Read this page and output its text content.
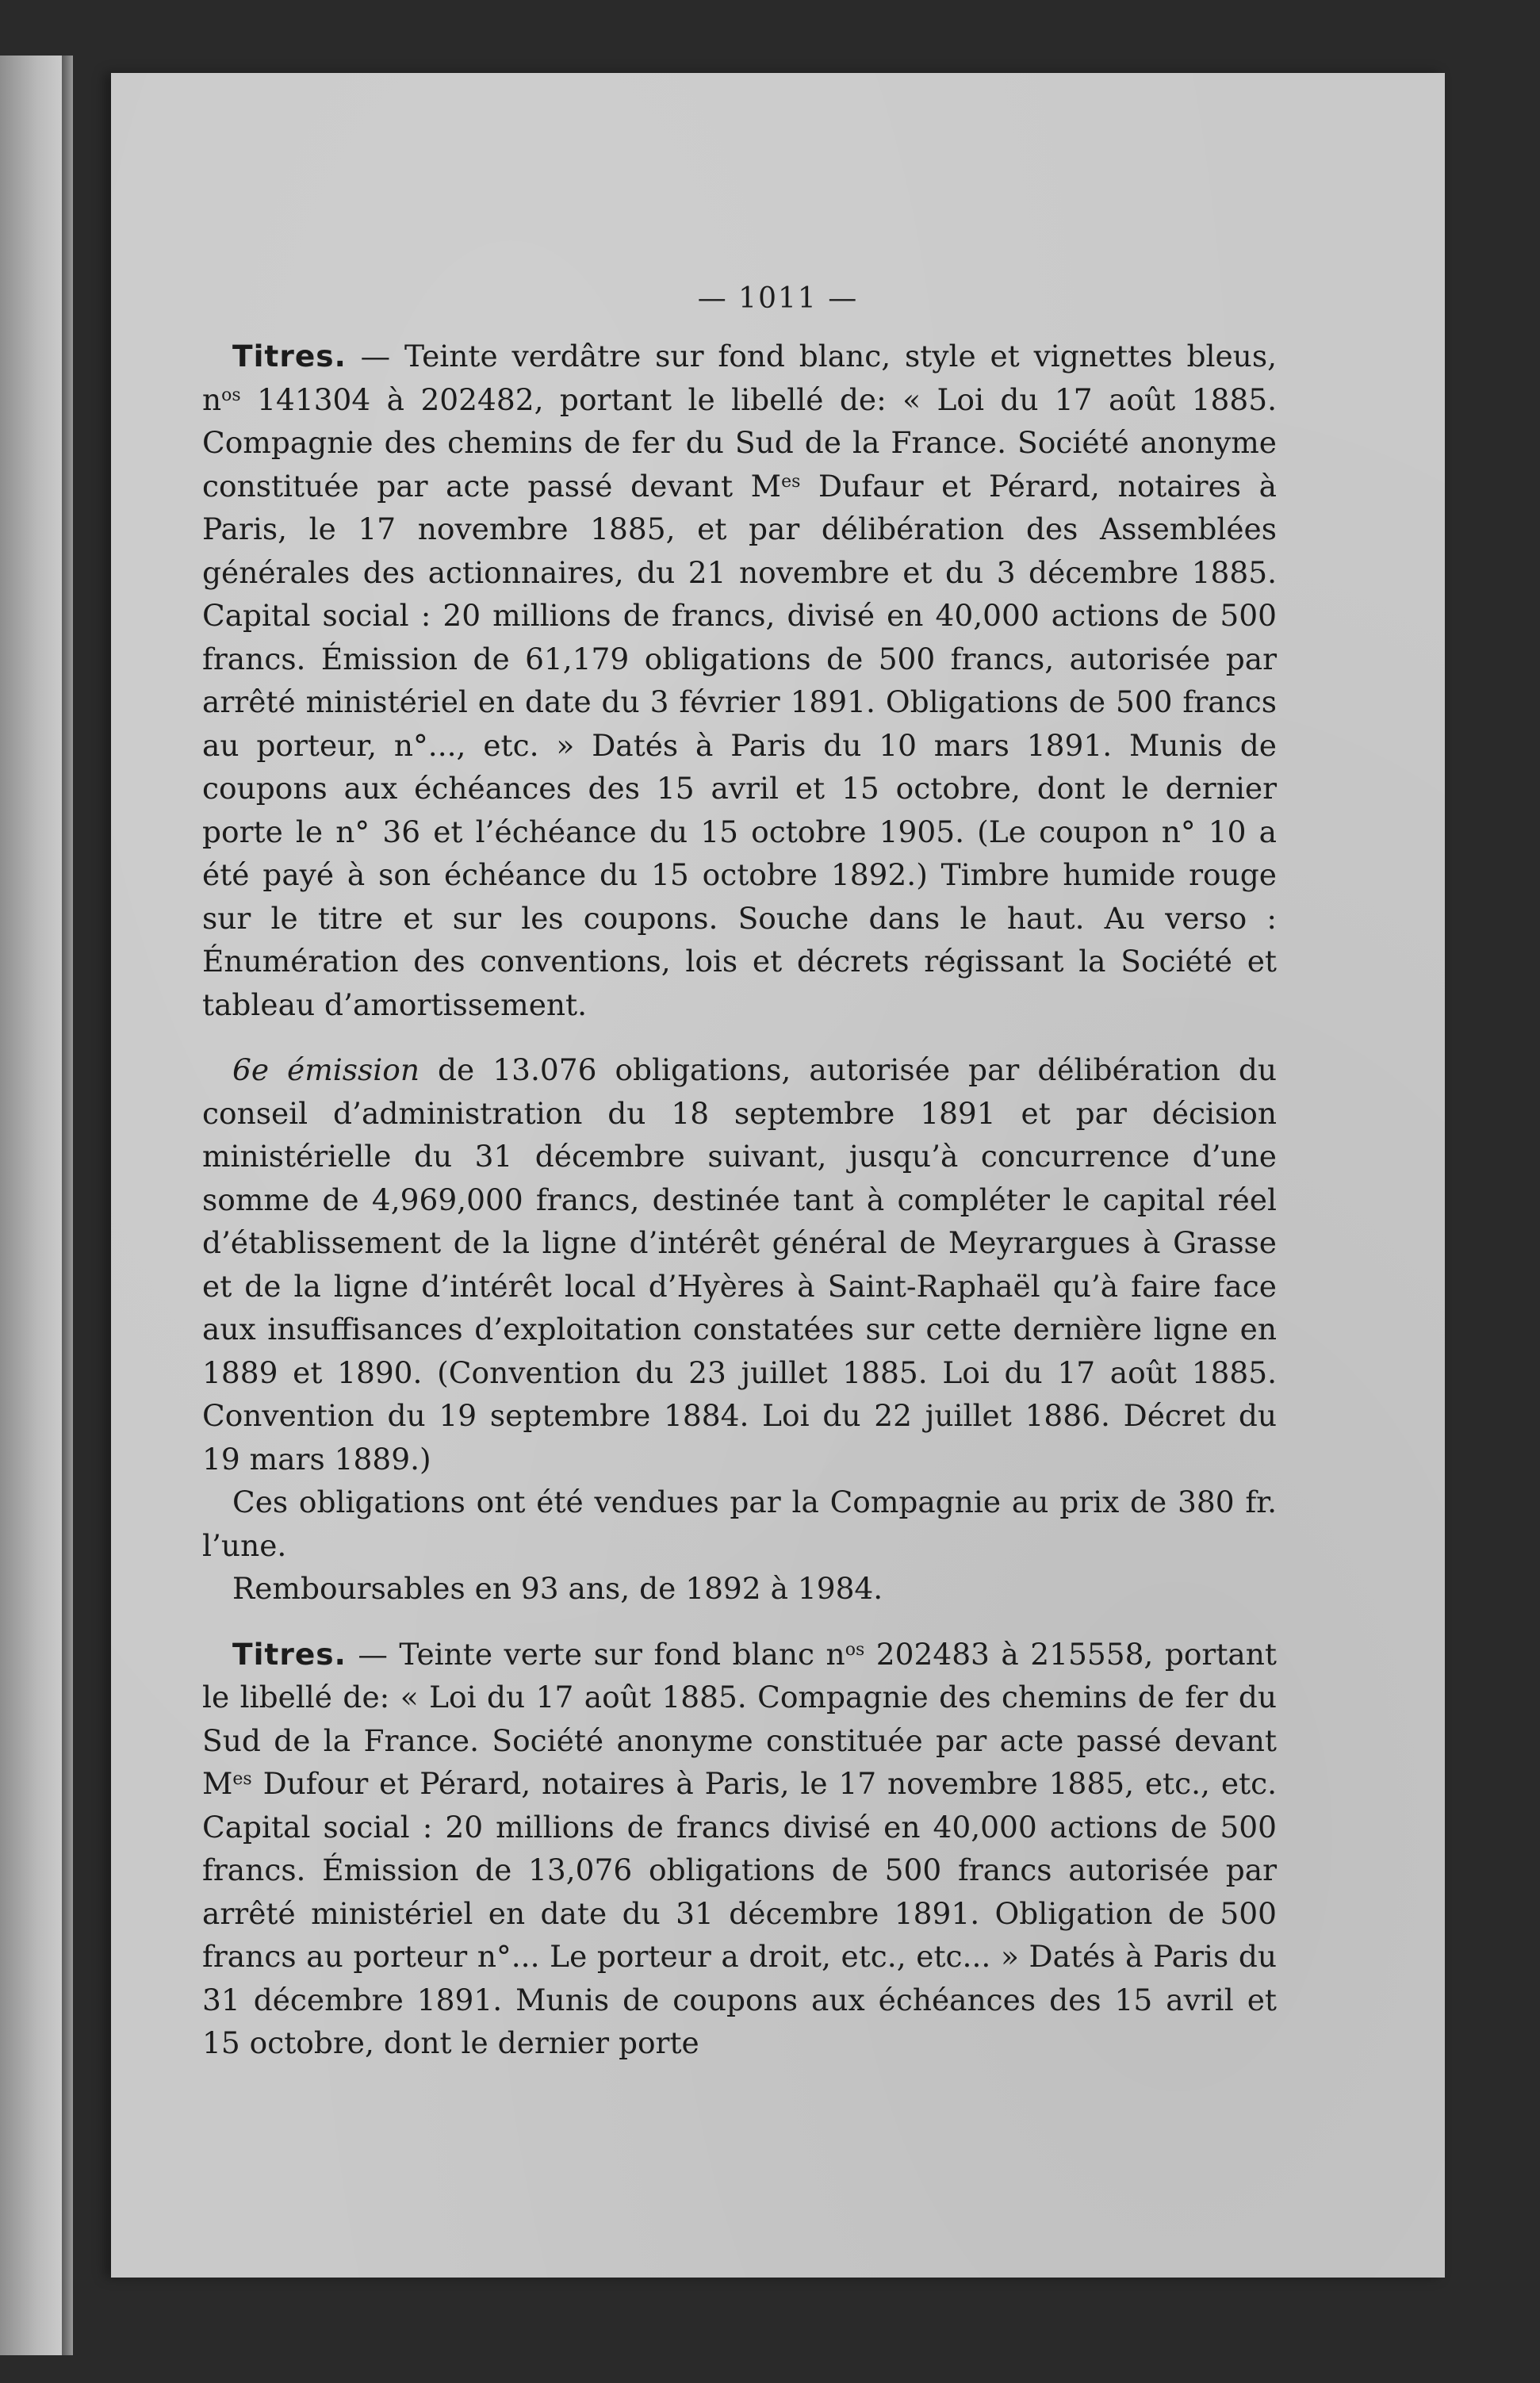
— 1011 —

Titres. — Teinte verdâtre sur fond blanc, style et vignettes bleus, $n^{os}$ 141304 à 202482, portant le libellé de: « Loi du 17 août 1885. Compagnie des chemins de fer du Sud de la France. Société anonyme constituée par acte passé devant $M^{es}$ Dufaur et Pérard, notaires à Paris, le 17 novembre 1885, et par délibération des Assemblées générales des actionnaires, du 21 novembre et du 3 décembre 1885. Capital social : 20 millions de francs, divisé en 40,000 actions de 500 francs. Émission de 61,179 obligations de 500 francs, autorisée par arrêté ministériel en date du 3 février 1891. Obligations de 500 francs au porteur, n°..., etc. » Datés à Paris du 10 mars 1891. Munis de coupons aux échéances des 15 avril et 15 octobre, dont le dernier porte le n° 36 et l’échéance du 15 octobre 1905. (Le coupon n° 10 a été payé à son échéance du 15 octobre 1892.) Timbre humide rouge sur le titre et sur les coupons. Souche dans le haut. Au verso : Énumération des conventions, lois et décrets régissant la Société et tableau d’amortissement.

6e émission de 13.076 obligations, autorisée par délibération du conseil d’administration du 18 septembre 1891 et par décision ministérielle du 31 décembre suivant, jusqu’à concurrence d’une somme de 4,969,000 francs, destinée tant à compléter le capital réel d’établissement de la ligne d’intérêt général de Meyrargues à Grasse et de la ligne d’intérêt local d’Hyères à Saint-Raphaël qu’à faire face aux insuffisances d’exploitation constatées sur cette dernière ligne en 1889 et 1890. (Convention du 23 juillet 1885. Loi du 17 août 1885. Convention du 19 septembre 1884. Loi du 22 juillet 1886. Décret du 19 mars 1889.)

Ces obligations ont été vendues par la Compagnie au prix de 380 fr. l’une.

Remboursables en 93 ans, de 1892 à 1984.

Titres. — Teinte verte sur fond blanc $n^{os}$ 202483 à 215558, portant le libellé de: « Loi du 17 août 1885. Compagnie des chemins de fer du Sud de la France. Société anonyme constituée par acte passé devant $M^{es}$ Dufour et Pérard, notaires à Paris, le 17 novembre 1885, etc., etc. Capital social : 20 millions de francs divisé en 40,000 actions de 500 francs. Émission de 13,076 obligations de 500 francs autorisée par arrêté ministériel en date du 31 décembre 1891. Obligation de 500 francs au porteur n°... Le porteur a droit, etc., etc... » Datés à Paris du 31 décembre 1891. Munis de coupons aux échéances des 15 avril et 15 octobre, dont le dernier porte
